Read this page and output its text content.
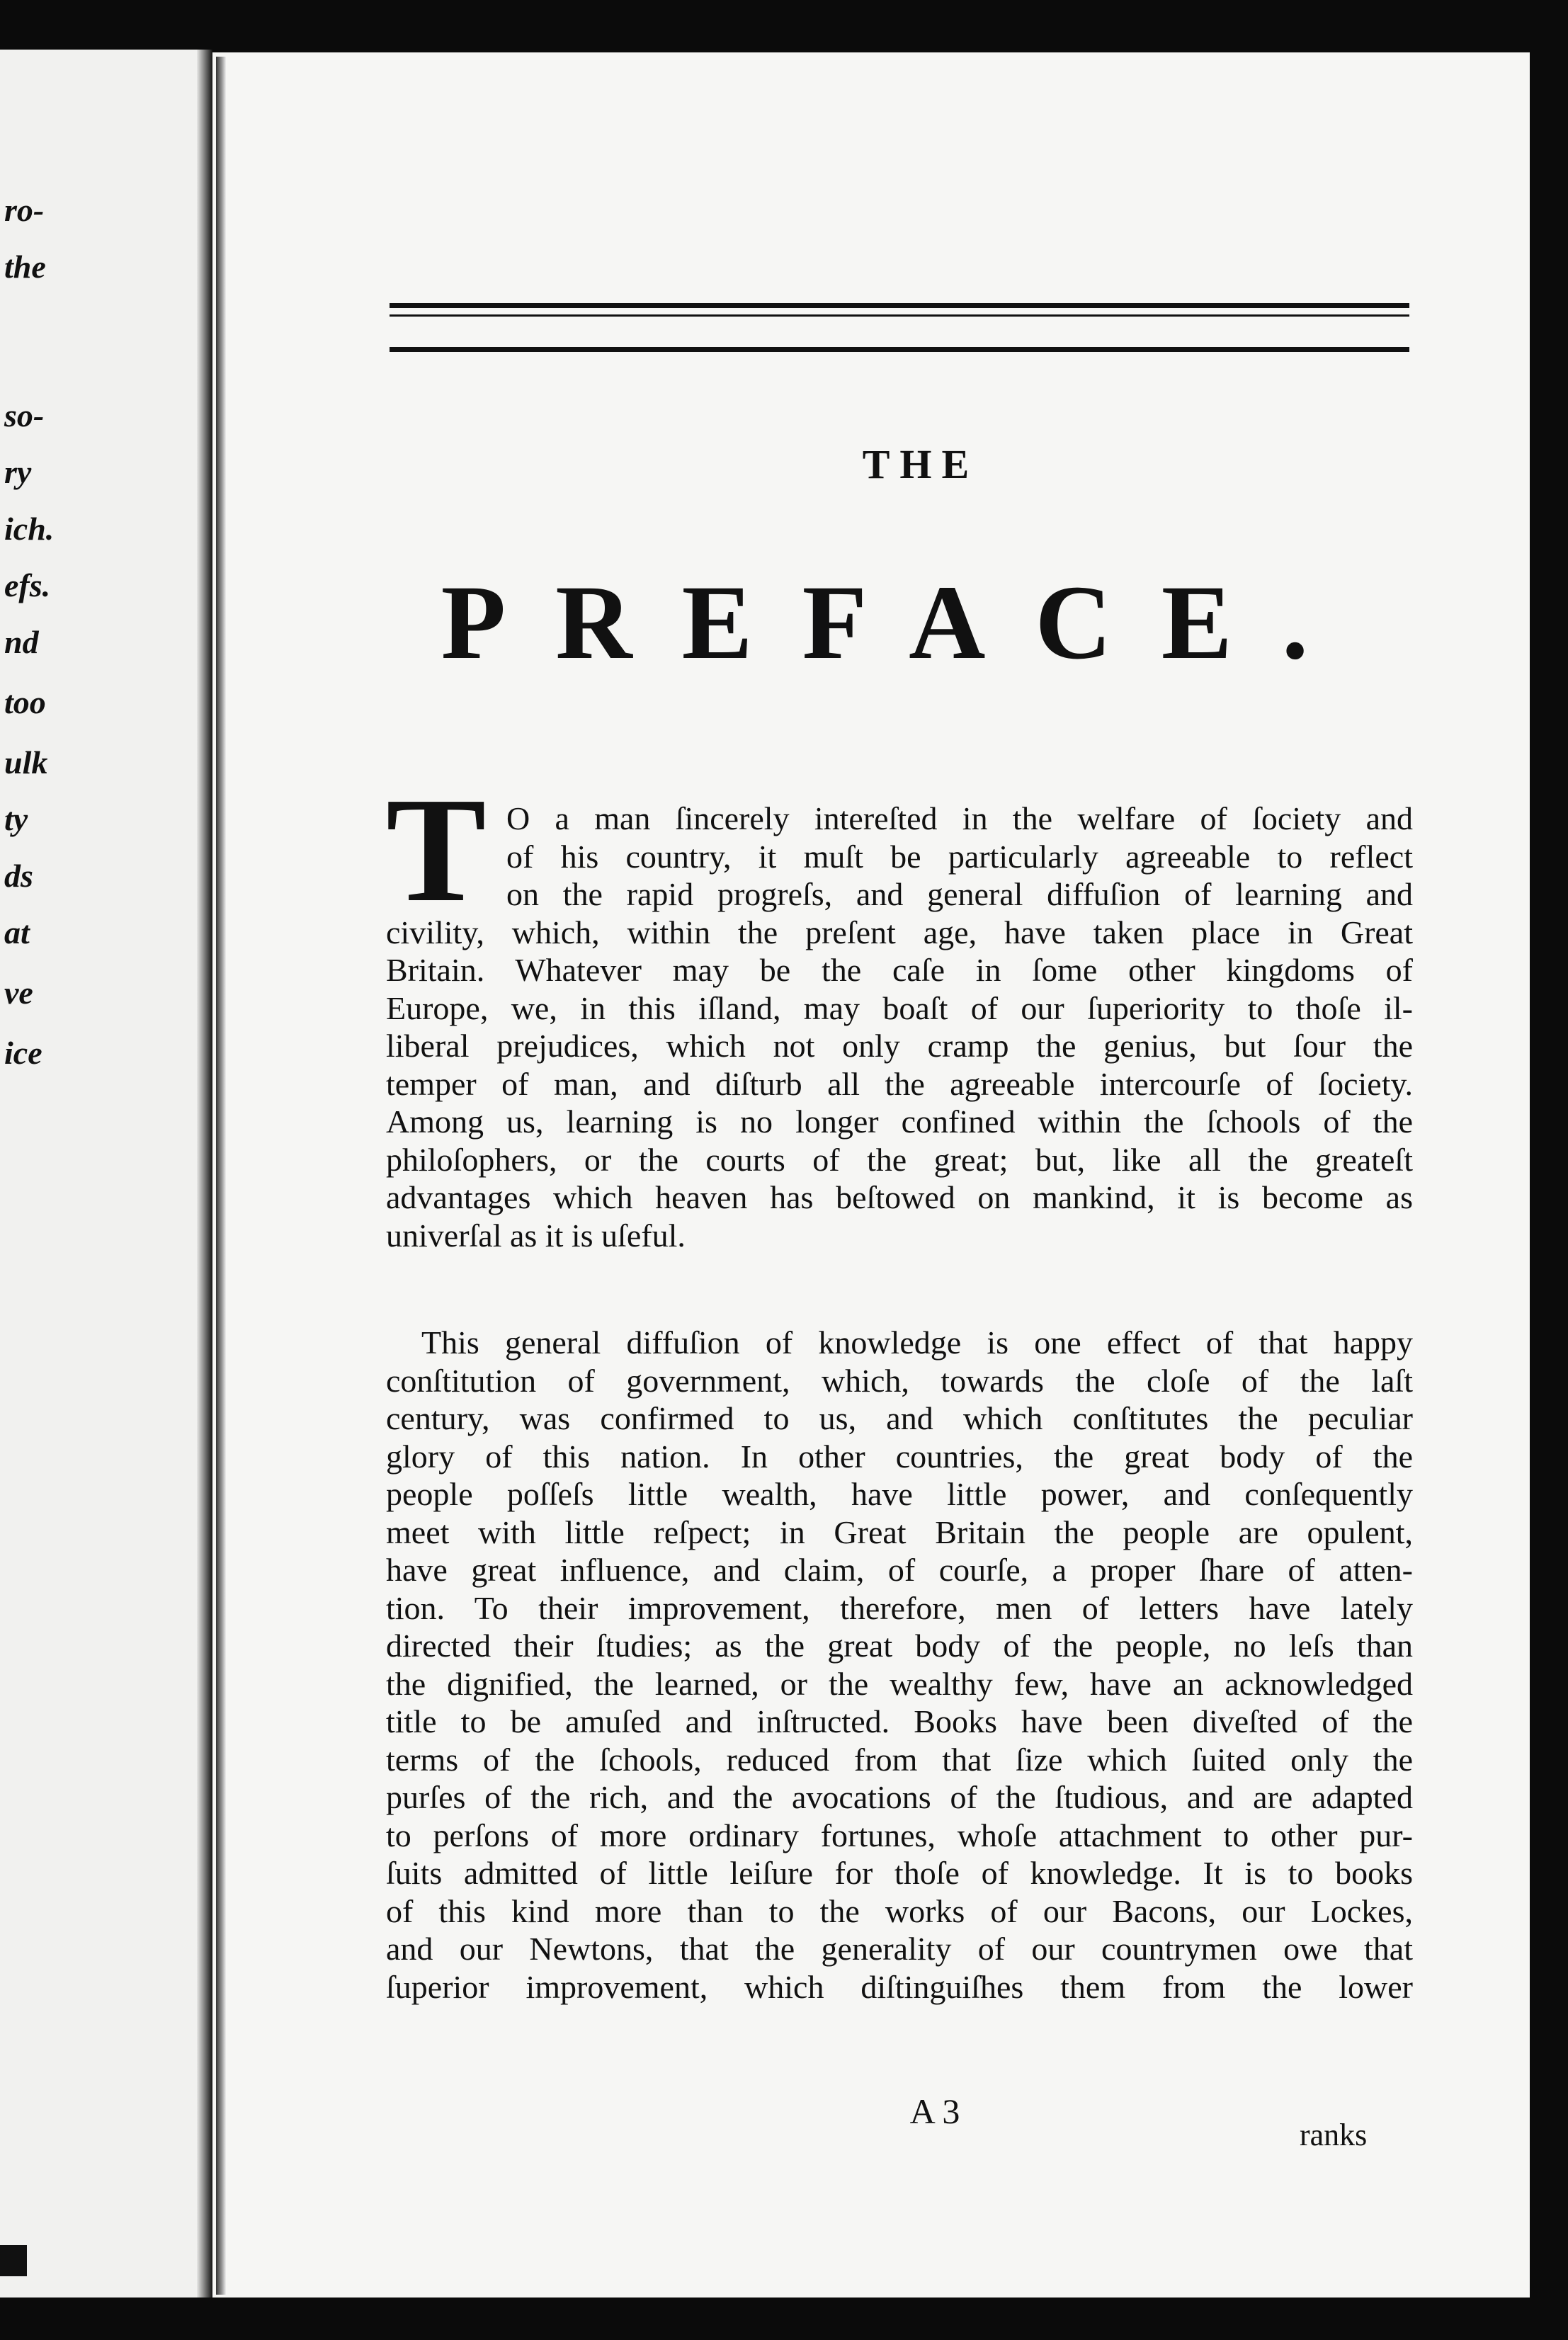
ro-
the
so-
ry
ich.
efs.
nd
too
ulk
ty
ds
at
ve
ice
THE
PREFACE.
T O a man ſincerely intereſted in the welfare of ſociety and
of his country, it muſt be particularly agreeable to reflect
on the rapid progreſs, and general diffuſion of learning and
civility, which, within the preſent age, have taken place in Great
Britain. Whatever may be the caſe in ſome other kingdoms of
Europe, we, in this iſland, may boaſt of our ſuperiority to thoſe il-
liberal prejudices, which not only cramp the genius, but ſour the
temper of man, and diſturb all the agreeable intercourſe of ſociety.
Among us, learning is no longer confined within the ſchools of the
philoſophers, or the courts of the great; but, like all the greateſt
advantages which heaven has beſtowed on mankind, it is become as
univerſal as it is uſeful.
This general diffuſion of knowledge is one effect of that happy
conſtitution of government, which, towards the cloſe of the laſt
century, was confirmed to us, and which conſtitutes the peculiar
glory of this nation. In other countries, the great body of the
people poſſeſs little wealth, have little power, and conſequently
meet with little reſpect; in Great Britain the people are opulent,
have great influence, and claim, of courſe, a proper ſhare of atten-
tion. To their improvement, therefore, men of letters have lately
directed their ſtudies; as the great body of the people, no leſs than
the dignified, the learned, or the wealthy few, have an acknowledged
title to be amuſed and inſtructed. Books have been diveſted of the
terms of the ſchools, reduced from that ſize which ſuited only the
purſes of the rich, and the avocations of the ſtudious, and are adapted
to perſons of more ordinary fortunes, whoſe attachment to other pur-
ſuits admitted of little leiſure for thoſe of knowledge. It is to books
of this kind more than to the works of our Bacons, our Lockes,
and our Newtons, that the generality of our countrymen owe that
ſuperior improvement, which diſtinguiſhes them from the lower
A 3
ranks
